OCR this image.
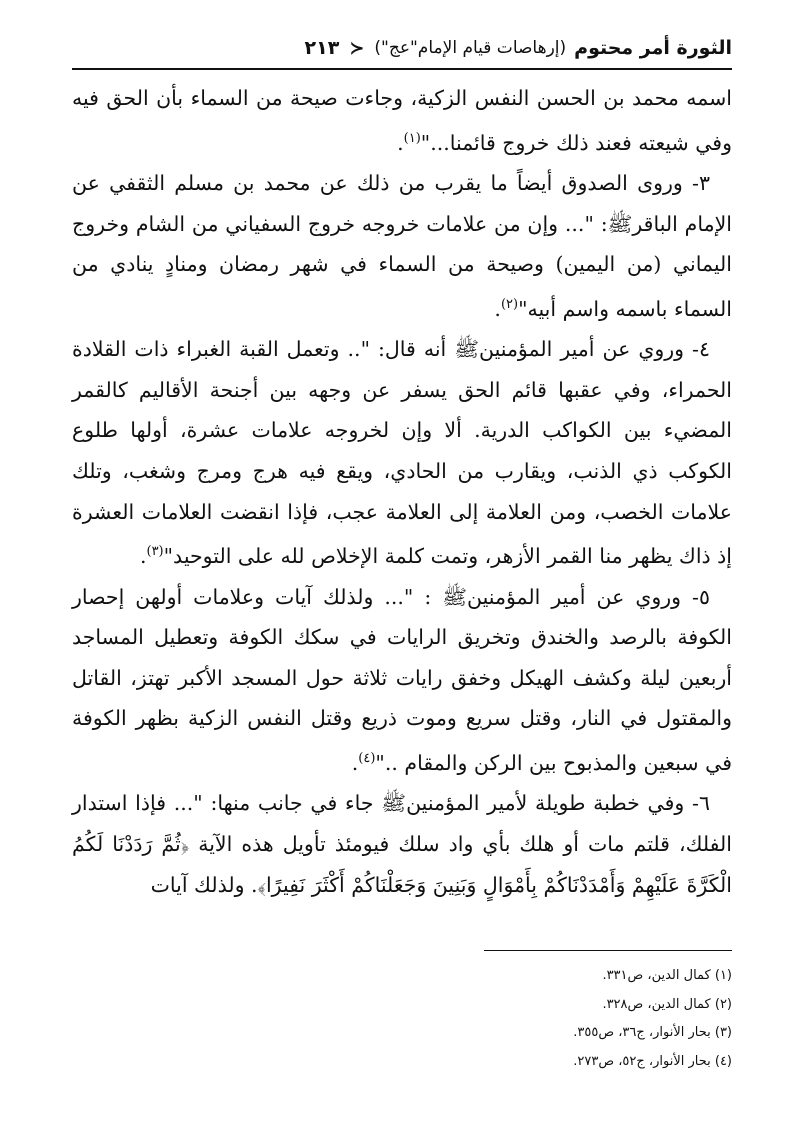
الثورة أمر محتوم
(إرهاصات قيام الإمام"عج")
≺
٢١٣

اسمه محمد بن الحسن النفس الزكية، وجاءت صيحة من السماء بأن الحق فيه وفي شيعته فعند ذلك خروج قائمنا..."$^{(١)}$.

٣- وروى الصدوق أيضاً ما يقرب من ذلك عن محمد بن مسلم الثقفي عن الإمام الباقرﷺ: "... وإن من علامات خروجه خروج السفياني من الشام وخروج اليماني (من اليمين) وصيحة من السماء في شهر رمضان ومنادٍ ينادي من السماء باسمه واسم أبيه"$^{(٢)}$.

٤- وروي عن أمير المؤمنينﷺ أنه قال: ".. وتعمل القبة الغبراء ذات القلادة الحمراء، وفي عقبها قائم الحق يسفر عن وجهه بين أجنحة الأقاليم كالقمر المضيء بين الكواكب الدرية. ألا وإن لخروجه علامات عشرة، أولها طلوع الكوكب ذي الذنب، ويقارب من الحادي، ويقع فيه هرج ومرج وشغب، وتلك علامات الخصب، ومن العلامة إلى العلامة عجب، فإذا انقضت العلامات العشرة إذ ذاك يظهر منا القمر الأزهر، وتمت كلمة الإخلاص لله على التوحيد"$^{(٣)}$.

٥- وروي عن أمير المؤمنينﷺ : "... ولذلك آيات وعلامات أولهن إحصار الكوفة بالرصد والخندق وتخريق الرايات في سكك الكوفة وتعطيل المساجد أربعين ليلة وكشف الهيكل وخفق رايات ثلاثة حول المسجد الأكبر تهتز، القاتل والمقتول في النار، وقتل سريع وموت ذريع وقتل النفس الزكية بظهر الكوفة في سبعين والمذبوح بين الركن والمقام .."$^{(٤)}$.

٦- وفي خطبة طويلة لأمير المؤمنينﷺ جاء في جانب منها: "... فإذا استدار الفلك، قلتم مات أو هلك بأي واد سلك فيومئذ تأويل هذه الآية ﴿ثُمَّ رَدَدْنَا لَكُمُ الْكَرَّةَ عَلَيْهِمْ وَأَمْدَدْنَاكُمْ بِأَمْوَالٍ وَبَنِينَ وَجَعَلْنَاكُمْ أَكْثَرَ نَفِيرًا﴾. ولذلك آيات

(١) كمال الدين، ص٣٣١.
(٢) كمال الدين، ص٣٢٨.
(٣) بحار الأنوار، ج٣٦، ص٣٥٥.
(٤) بحار الأنوار، ج٥٢، ص٢٧٣.
